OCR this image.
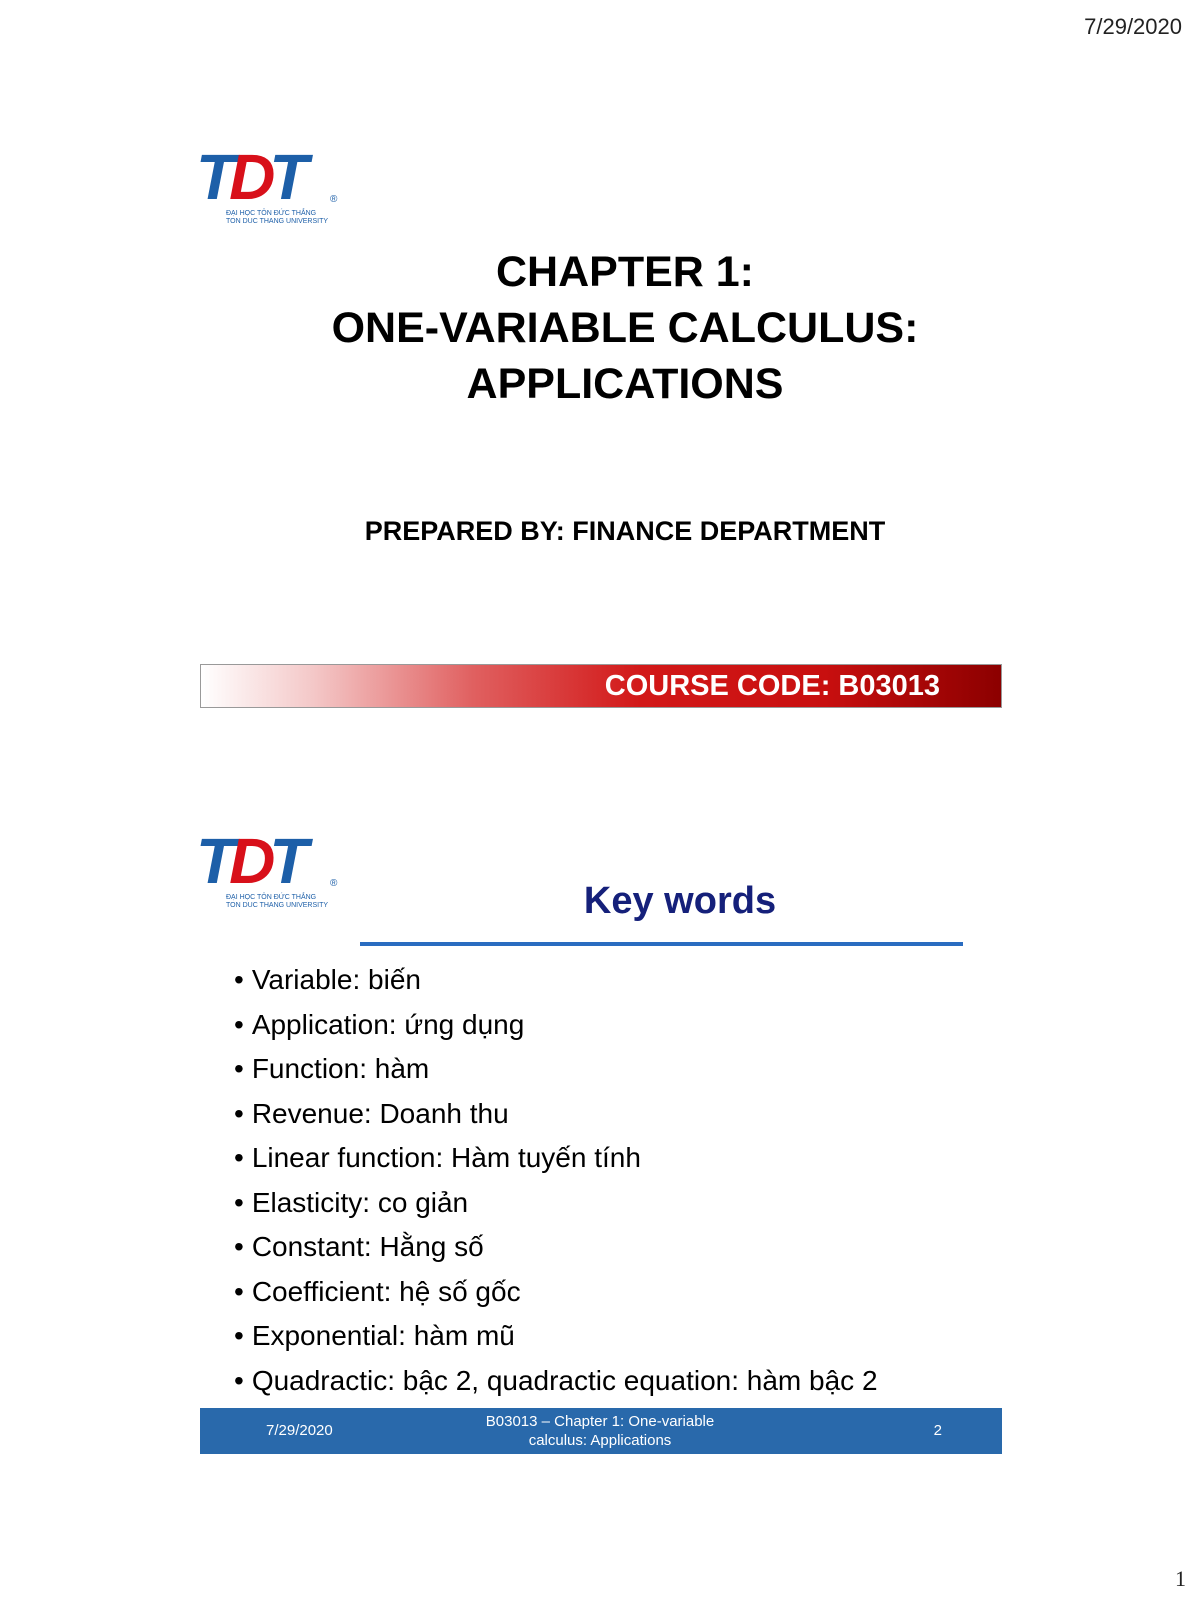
7/29/2020
TDT	®
ĐẠI HỌC TÔN ĐỨC THẮNG
TON DUC THANG UNIVERSITY
CHAPTER 1:
ONE-VARIABLE CALCULUS:
APPLICATIONS
PREPARED BY: FINANCE DEPARTMENT
COURSE CODE: B03013
TDT	®
ĐẠI HỌC TÔN ĐỨC THẮNG
TON DUC THANG UNIVERSITY	Key words
• Variable: biến
• Application: ứng dụng
• Function: hàm
• Revenue: Doanh thu
• Linear function: Hàm tuyến tính
• Elasticity: co giản
• Constant: Hằng số
• Coefficient: hệ số gốc
• Exponential: hàm mũ
• Quadractic: bậc 2, quadractic equation: hàm bậc 2
7/29/2020
B03013 – Chapter 1: One-variable
calculus: Applications
2
1
